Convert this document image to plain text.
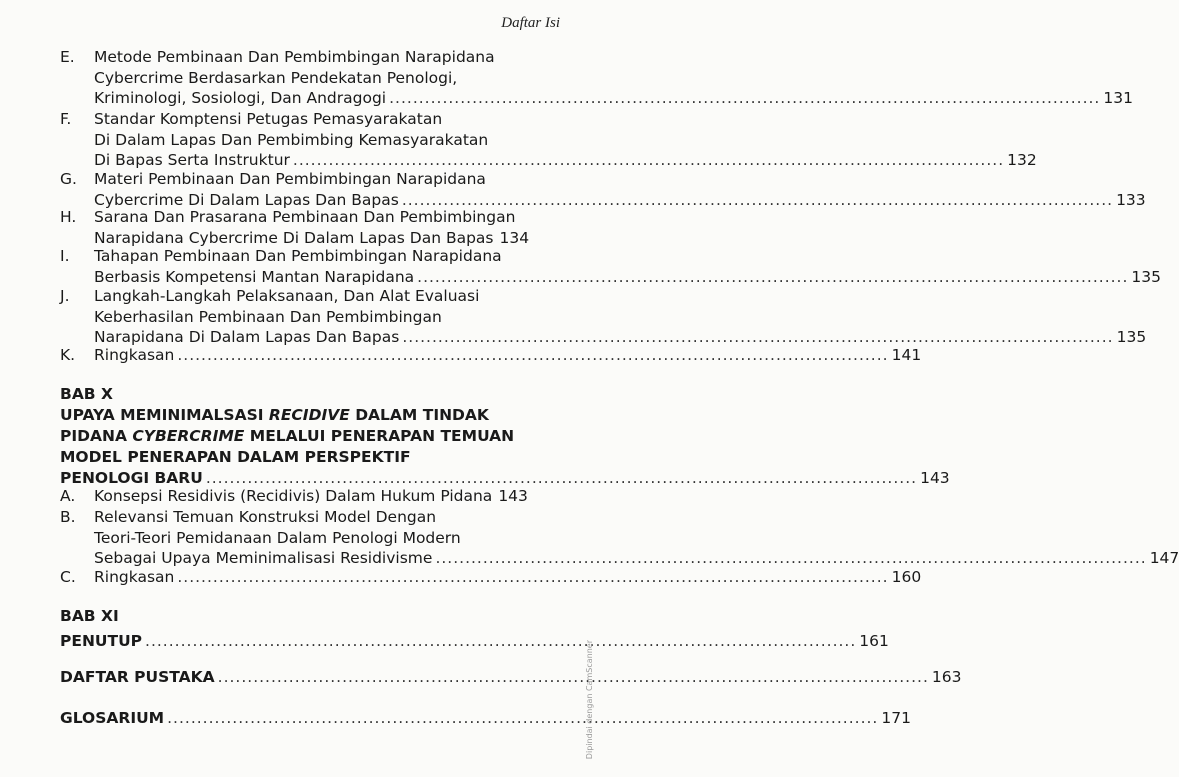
Daftar Isi
E.	Metode Pembinaan Dan Pembimbingan Narapidana
Cybercrime Berdasarkan Pendekatan Penologi,
Kriminologi, Sosiologi, Dan Andragogi ........................................................................................................................ 131
F.	Standar Komptensi Petugas Pemasyarakatan
Di Dalam Lapas Dan Pembimbing Kemasyarakatan
Di Bapas Serta Instruktur ........................................................................................................................ 132
G.	Materi Pembinaan Dan Pembimbingan Narapidana
Cybercrime Di Dalam Lapas Dan Bapas ........................................................................................................................ 133
H.	Sarana Dan Prasarana Pembinaan Dan Pembimbingan
Narapidana Cybercrime Di Dalam Lapas Dan Bapas 134
I.	Tahapan Pembinaan Dan Pembimbingan Narapidana
Berbasis Kompetensi Mantan Narapidana ........................................................................................................................ 135
J.	Langkah-Langkah Pelaksanaan, Dan Alat Evaluasi
Keberhasilan Pembinaan Dan Pembimbingan
Narapidana Di Dalam Lapas Dan Bapas ........................................................................................................................ 135
K.	Ringkasan ........................................................................................................................ 141
BAB X
UPAYA MEMINIMALSASI RECIDIVE DALAM TINDAK
PIDANA CYBERCRIME MELALUI PENERAPAN TEMUAN
MODEL PENERAPAN DALAM PERSPEKTIF
PENOLOGI BARU ........................................................................................................................ 143
A.	Konsepsi Residivis (Recidivis) Dalam Hukum Pidana 143
B.	Relevansi Temuan Konstruksi Model Dengan
Teori-Teori Pemidanaan Dalam Penologi Modern
Sebagai Upaya Meminimalisasi Residivisme ........................................................................................................................ 147
C.	Ringkasan ........................................................................................................................ 160
BAB XI
PENUTUP ........................................................................................................................ 161
DAFTAR PUSTAKA ........................................................................................................................ 163
GLOSARIUM ........................................................................................................................ 171
Dipindai dengan CamScanner
